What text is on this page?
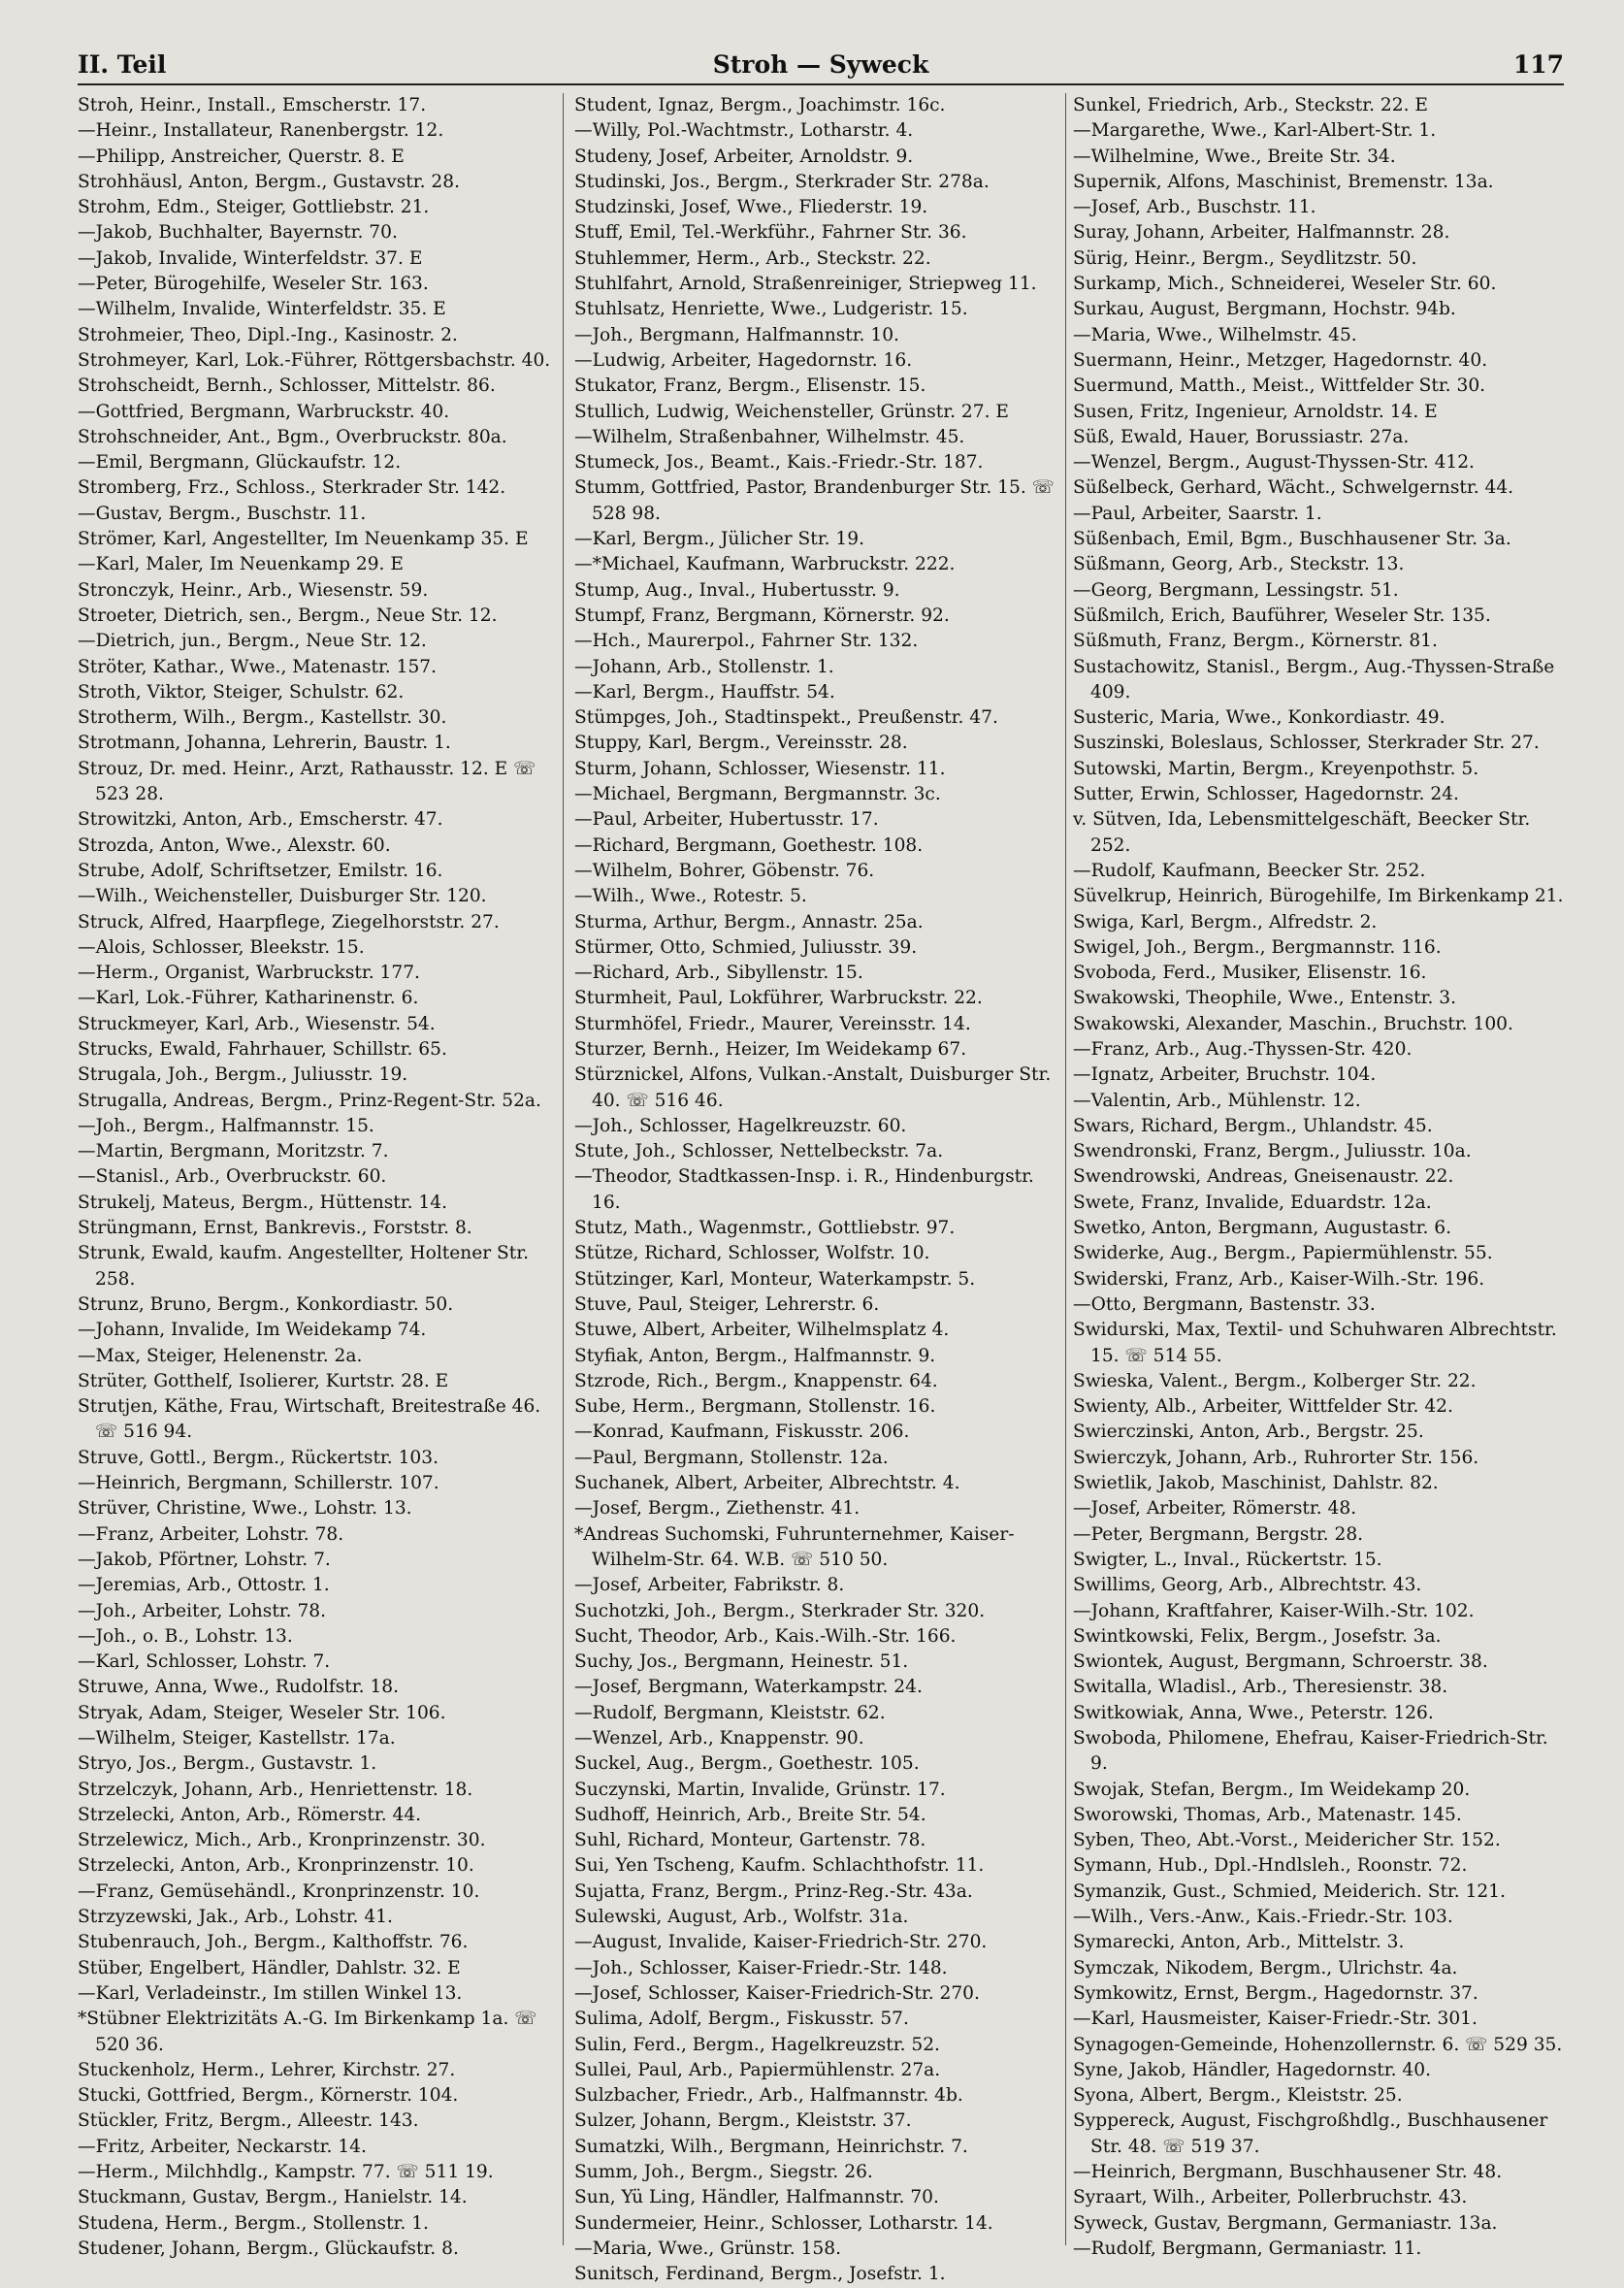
II. Teil	Stroh — Syweck	117
Stroh, Heinr., Install., Emscherstr. 17.
—Heinr., Installateur, Ranenbergstr. 12.
—Philipp, Anstreicher, Querstr. 8. E
Strohhäusl, Anton, Bergm., Gustavstr. 28.
Strohm, Edm., Steiger, Gottliebstr. 21.
—Jakob, Buchhalter, Bayernstr. 70.
—Jakob, Invalide, Winterfeldstr. 37. E
—Peter, Bürogehilfe, Weseler Str. 163.
—Wilhelm, Invalide, Winterfeldstr. 35. E
Strohmeier, Theo, Dipl.-Ing., Kasinostr. 2.
Strohmeyer, Karl, Lok.-Führer, Röttgersbachstr. 40.
Strohscheidt, Bernh., Schlosser, Mittelstr. 86.
—Gottfried, Bergmann, Warbruckstr. 40.
Strohschneider, Ant., Bgm., Overbruckstr. 80a.
—Emil, Bergmann, Glückaufstr. 12.
Stromberg, Frz., Schloss., Sterkrader Str. 142.
—Gustav, Bergm., Buschstr. 11.
Strömer, Karl, Angestellter, Im Neuenkamp 35. E
—Karl, Maler, Im Neuenkamp 29. E
Stronczyk, Heinr., Arb., Wiesenstr. 59.
Stroeter, Dietrich, sen., Bergm., Neue Str. 12.
—Dietrich, jun., Bergm., Neue Str. 12.
Ströter, Kathar., Wwe., Matenastr. 157.
Stroth, Viktor, Steiger, Schulstr. 62.
Strotherm, Wilh., Bergm., Kastellstr. 30.
Strotmann, Johanna, Lehrerin, Baustr. 1.
Strouz, Dr. med. Heinr., Arzt, Rathausstr. 12. E ☏ 523 28.
Strowitzki, Anton, Arb., Emscherstr. 47.
Strozda, Anton, Wwe., Alexstr. 60.
Strube, Adolf, Schriftsetzer, Emilstr. 16.
—Wilh., Weichensteller, Duisburger Str. 120.
Struck, Alfred, Haarpflege, Ziegelhorststr. 27.
—Alois, Schlosser, Bleekstr. 15.
—Herm., Organist, Warbruckstr. 177.
—Karl, Lok.-Führer, Katharinenstr. 6.
Struckmeyer, Karl, Arb., Wiesenstr. 54.
Strucks, Ewald, Fahrhauer, Schillstr. 65.
Strugala, Joh., Bergm., Juliusstr. 19.
Strugalla, Andreas, Bergm., Prinz-Regent-Str. 52a.
—Joh., Bergm., Halfmannstr. 15.
—Martin, Bergmann, Moritzstr. 7.
—Stanisl., Arb., Overbruckstr. 60.
Strukelj, Mateus, Bergm., Hüttenstr. 14.
Strüngmann, Ernst, Bankrevis., Forststr. 8.
Strunk, Ewald, kaufm. Angestellter, Holtener Str. 258.
Strunz, Bruno, Bergm., Konkordiastr. 50.
—Johann, Invalide, Im Weidekamp 74.
—Max, Steiger, Helenenstr. 2a.
Strüter, Gotthelf, Isolierer, Kurtstr. 28. E
Strutjen, Käthe, Frau, Wirtschaft, Breitestraße 46. ☏ 516 94.
Struve, Gottl., Bergm., Rückertstr. 103.
—Heinrich, Bergmann, Schillerstr. 107.
Strüver, Christine, Wwe., Lohstr. 13.
—Franz, Arbeiter, Lohstr. 78.
—Jakob, Pförtner, Lohstr. 7.
—Jeremias, Arb., Ottostr. 1.
—Joh., Arbeiter, Lohstr. 78.
—Joh., o. B., Lohstr. 13.
—Karl, Schlosser, Lohstr. 7.
Struwe, Anna, Wwe., Rudolfstr. 18.
Stryak, Adam, Steiger, Weseler Str. 106.
—Wilhelm, Steiger, Kastellstr. 17a.
Stryo, Jos., Bergm., Gustavstr. 1.
Strzelczyk, Johann, Arb., Henriettenstr. 18.
Strzelecki, Anton, Arb., Römerstr. 44.
Strzelewicz, Mich., Arb., Kronprinzenstr. 30.
Strzelecki, Anton, Arb., Kronprinzenstr. 10.
—Franz, Gemüsehändl., Kronprinzenstr. 10.
Strzyzewski, Jak., Arb., Lohstr. 41.
Stubenrauch, Joh., Bergm., Kalthoffstr. 76.
Stüber, Engelbert, Händler, Dahlstr. 32. E
—Karl, Verladeinstr., Im stillen Winkel 13.
*Stübner Elektrizitäts A.-G. Im Birkenkamp 1a. ☏ 520 36.
Stuckenholz, Herm., Lehrer, Kirchstr. 27.
Stucki, Gottfried, Bergm., Körnerstr. 104.
Stückler, Fritz, Bergm., Alleestr. 143.
—Fritz, Arbeiter, Neckarstr. 14.
—Herm., Milchhdlg., Kampstr. 77. ☏ 511 19.
Stuckmann, Gustav, Bergm., Hanielstr. 14.
Studena, Herm., Bergm., Stollenstr. 1.
Studener, Johann, Bergm., Glückaufstr. 8.
Student, Ignaz, Bergm., Joachimstr. 16c.
—Willy, Pol.-Wachtmstr., Lotharstr. 4.
Studeny, Josef, Arbeiter, Arnoldstr. 9.
Studinski, Jos., Bergm., Sterkrader Str. 278a.
Studzinski, Josef, Wwe., Fliederstr. 19.
Stuff, Emil, Tel.-Werkführ., Fahrner Str. 36.
Stuhlemmer, Herm., Arb., Steckstr. 22.
Stuhlfahrt, Arnold, Straßenreiniger, Striepweg 11.
Stuhlsatz, Henriette, Wwe., Ludgeristr. 15.
—Joh., Bergmann, Halfmannstr. 10.
—Ludwig, Arbeiter, Hagedornstr. 16.
Stukator, Franz, Bergm., Elisenstr. 15.
Stullich, Ludwig, Weichensteller, Grünstr. 27. E
—Wilhelm, Straßenbahner, Wilhelmstr. 45.
Stumeck, Jos., Beamt., Kais.-Friedr.-Str. 187.
Stumm, Gottfried, Pastor, Brandenburger Str. 15. ☏ 528 98.
—Karl, Bergm., Jülicher Str. 19.
—*Michael, Kaufmann, Warbruckstr. 222.
Stump, Aug., Inval., Hubertusstr. 9.
Stumpf, Franz, Bergmann, Körnerstr. 92.
—Hch., Maurerpol., Fahrner Str. 132.
—Johann, Arb., Stollenstr. 1.
—Karl, Bergm., Hauffstr. 54.
Stümpges, Joh., Stadtinspekt., Preußenstr. 47.
Stuppy, Karl, Bergm., Vereinsstr. 28.
Sturm, Johann, Schlosser, Wiesenstr. 11.
—Michael, Bergmann, Bergmannstr. 3c.
—Paul, Arbeiter, Hubertusstr. 17.
—Richard, Bergmann, Goethestr. 108.
—Wilhelm, Bohrer, Göbenstr. 76.
—Wilh., Wwe., Rotestr. 5.
Sturma, Arthur, Bergm., Annastr. 25a.
Stürmer, Otto, Schmied, Juliusstr. 39.
—Richard, Arb., Sibyllenstr. 15.
Sturmheit, Paul, Lokführer, Warbruckstr. 22.
Sturmhöfel, Friedr., Maurer, Vereinsstr. 14.
Sturzer, Bernh., Heizer, Im Weidekamp 67.
Stürznickel, Alfons, Vulkan.-Anstalt, Duisburger Str. 40. ☏ 516 46.
—Joh., Schlosser, Hagelkreuzstr. 60.
Stute, Joh., Schlosser, Nettelbeckstr. 7a.
—Theodor, Stadtkassen-Insp. i. R., Hindenburgstr. 16.
Stutz, Math., Wagenmstr., Gottliebstr. 97.
Stütze, Richard, Schlosser, Wolfstr. 10.
Stützinger, Karl, Monteur, Waterkampstr. 5.
Stuve, Paul, Steiger, Lehrerstr. 6.
Stuwe, Albert, Arbeiter, Wilhelmsplatz 4.
Styfiak, Anton, Bergm., Halfmannstr. 9.
Stzrode, Rich., Bergm., Knappenstr. 64.
Sube, Herm., Bergmann, Stollenstr. 16.
—Konrad, Kaufmann, Fiskusstr. 206.
—Paul, Bergmann, Stollenstr. 12a.
Suchanek, Albert, Arbeiter, Albrechtstr. 4.
—Josef, Bergm., Ziethenstr. 41.
*Andreas Suchomski, Fuhrunternehmer, Kaiser-Wilhelm-Str. 64. W.B. ☏ 510 50.
—Josef, Arbeiter, Fabrikstr. 8.
Suchotzki, Joh., Bergm., Sterkrader Str. 320.
Sucht, Theodor, Arb., Kais.-Wilh.-Str. 166.
Suchy, Jos., Bergmann, Heinestr. 51.
—Josef, Bergmann, Waterkampstr. 24.
—Rudolf, Bergmann, Kleiststr. 62.
—Wenzel, Arb., Knappenstr. 90.
Suckel, Aug., Bergm., Goethestr. 105.
Suczynski, Martin, Invalide, Grünstr. 17.
Sudhoff, Heinrich, Arb., Breite Str. 54.
Suhl, Richard, Monteur, Gartenstr. 78.
Sui, Yen Tscheng, Kaufm. Schlachthofstr. 11.
Sujatta, Franz, Bergm., Prinz-Reg.-Str. 43a.
Sulewski, August, Arb., Wolfstr. 31a.
—August, Invalide, Kaiser-Friedrich-Str. 270.
—Joh., Schlosser, Kaiser-Friedr.-Str. 148.
—Josef, Schlosser, Kaiser-Friedrich-Str. 270.
Sulima, Adolf, Bergm., Fiskusstr. 57.
Sulin, Ferd., Bergm., Hagelkreuzstr. 52.
Sullei, Paul, Arb., Papiermühlenstr. 27a.
Sulzbacher, Friedr., Arb., Halfmannstr. 4b.
Sulzer, Johann, Bergm., Kleiststr. 37.
Sumatzki, Wilh., Bergmann, Heinrichstr. 7.
Summ, Joh., Bergm., Siegstr. 26.
Sun, Yü Ling, Händler, Halfmannstr. 70.
Sundermeier, Heinr., Schlosser, Lotharstr. 14.
—Maria, Wwe., Grünstr. 158.
Sunitsch, Ferdinand, Bergm., Josefstr. 1.
Sunkel, Friedrich, Arb., Steckstr. 22. E
—Margarethe, Wwe., Karl-Albert-Str. 1.
—Wilhelmine, Wwe., Breite Str. 34.
Supernik, Alfons, Maschinist, Bremenstr. 13a.
—Josef, Arb., Buschstr. 11.
Suray, Johann, Arbeiter, Halfmannstr. 28.
Sürig, Heinr., Bergm., Seydlitzstr. 50.
Surkamp, Mich., Schneiderei, Weseler Str. 60.
Surkau, August, Bergmann, Hochstr. 94b.
—Maria, Wwe., Wilhelmstr. 45.
Suermann, Heinr., Metzger, Hagedornstr. 40.
Suermund, Matth., Meist., Wittfelder Str. 30.
Susen, Fritz, Ingenieur, Arnoldstr. 14. E
Süß, Ewald, Hauer, Borussiastr. 27a.
—Wenzel, Bergm., August-Thyssen-Str. 412.
Süßelbeck, Gerhard, Wächt., Schwelgernstr. 44.
—Paul, Arbeiter, Saarstr. 1.
Süßenbach, Emil, Bgm., Buschhausener Str. 3a.
Süßmann, Georg, Arb., Steckstr. 13.
—Georg, Bergmann, Lessingstr. 51.
Süßmilch, Erich, Bauführer, Weseler Str. 135.
Süßmuth, Franz, Bergm., Körnerstr. 81.
Sustachowitz, Stanisl., Bergm., Aug.-Thyssen-Straße 409.
Susteric, Maria, Wwe., Konkordiastr. 49.
Suszinski, Boleslaus, Schlosser, Sterkrader Str. 27.
Sutowski, Martin, Bergm., Kreyenpothstr. 5.
Sutter, Erwin, Schlosser, Hagedornstr. 24.
v. Sütven, Ida, Lebensmittelgeschäft, Beecker Str. 252.
—Rudolf, Kaufmann, Beecker Str. 252.
Süvelkrup, Heinrich, Bürogehilfe, Im Birkenkamp 21.
Swiga, Karl, Bergm., Alfredstr. 2.
Swigel, Joh., Bergm., Bergmannstr. 116.
Svoboda, Ferd., Musiker, Elisenstr. 16.
Swakowski, Theophile, Wwe., Entenstr. 3.
Swakowski, Alexander, Maschin., Bruchstr. 100.
—Franz, Arb., Aug.-Thyssen-Str. 420.
—Ignatz, Arbeiter, Bruchstr. 104.
—Valentin, Arb., Mühlenstr. 12.
Swars, Richard, Bergm., Uhlandstr. 45.
Swendronski, Franz, Bergm., Juliusstr. 10a.
Swendrowski, Andreas, Gneisenaustr. 22.
Swete, Franz, Invalide, Eduardstr. 12a.
Swetko, Anton, Bergmann, Augustastr. 6.
Swiderke, Aug., Bergm., Papiermühlenstr. 55.
Swiderski, Franz, Arb., Kaiser-Wilh.-Str. 196.
—Otto, Bergmann, Bastenstr. 33.
Swidurski, Max, Textil- und Schuhwaren Albrechtstr. 15. ☏ 514 55.
Swieska, Valent., Bergm., Kolberger Str. 22.
Swienty, Alb., Arbeiter, Wittfelder Str. 42.
Swierczinski, Anton, Arb., Bergstr. 25.
Swierczyk, Johann, Arb., Ruhrorter Str. 156.
Swietlik, Jakob, Maschinist, Dahlstr. 82.
—Josef, Arbeiter, Römerstr. 48.
—Peter, Bergmann, Bergstr. 28.
Swigter, L., Inval., Rückertstr. 15.
Swillims, Georg, Arb., Albrechtstr. 43.
—Johann, Kraftfahrer, Kaiser-Wilh.-Str. 102.
Swintkowski, Felix, Bergm., Josefstr. 3a.
Swiontek, August, Bergmann, Schroerstr. 38.
Switalla, Wladisl., Arb., Theresienstr. 38.
Switkowiak, Anna, Wwe., Peterstr. 126.
Swoboda, Philomene, Ehefrau, Kaiser-Friedrich-Str. 9.
Swojak, Stefan, Bergm., Im Weidekamp 20.
Sworowski, Thomas, Arb., Matenastr. 145.
Syben, Theo, Abt.-Vorst., Meidericher Str. 152.
Symann, Hub., Dpl.-Hndlsleh., Roonstr. 72.
Symanzik, Gust., Schmied, Meiderich. Str. 121.
—Wilh., Vers.-Anw., Kais.-Friedr.-Str. 103.
Symarecki, Anton, Arb., Mittelstr. 3.
Symczak, Nikodem, Bergm., Ulrichstr. 4a.
Symkowitz, Ernst, Bergm., Hagedornstr. 37.
—Karl, Hausmeister, Kaiser-Friedr.-Str. 301.
Synagogen-Gemeinde, Hohenzollernstr. 6. ☏ 529 35.
Syne, Jakob, Händler, Hagedornstr. 40.
Syona, Albert, Bergm., Kleiststr. 25.
Syppereck, August, Fischgroßhdlg., Buschhausener Str. 48. ☏ 519 37.
—Heinrich, Bergmann, Buschhausener Str. 48.
Syraart, Wilh., Arbeiter, Pollerbruchstr. 43.
Syweck, Gustav, Bergmann, Germaniastr. 13a.
—Rudolf, Bergmann, Germaniastr. 11.
